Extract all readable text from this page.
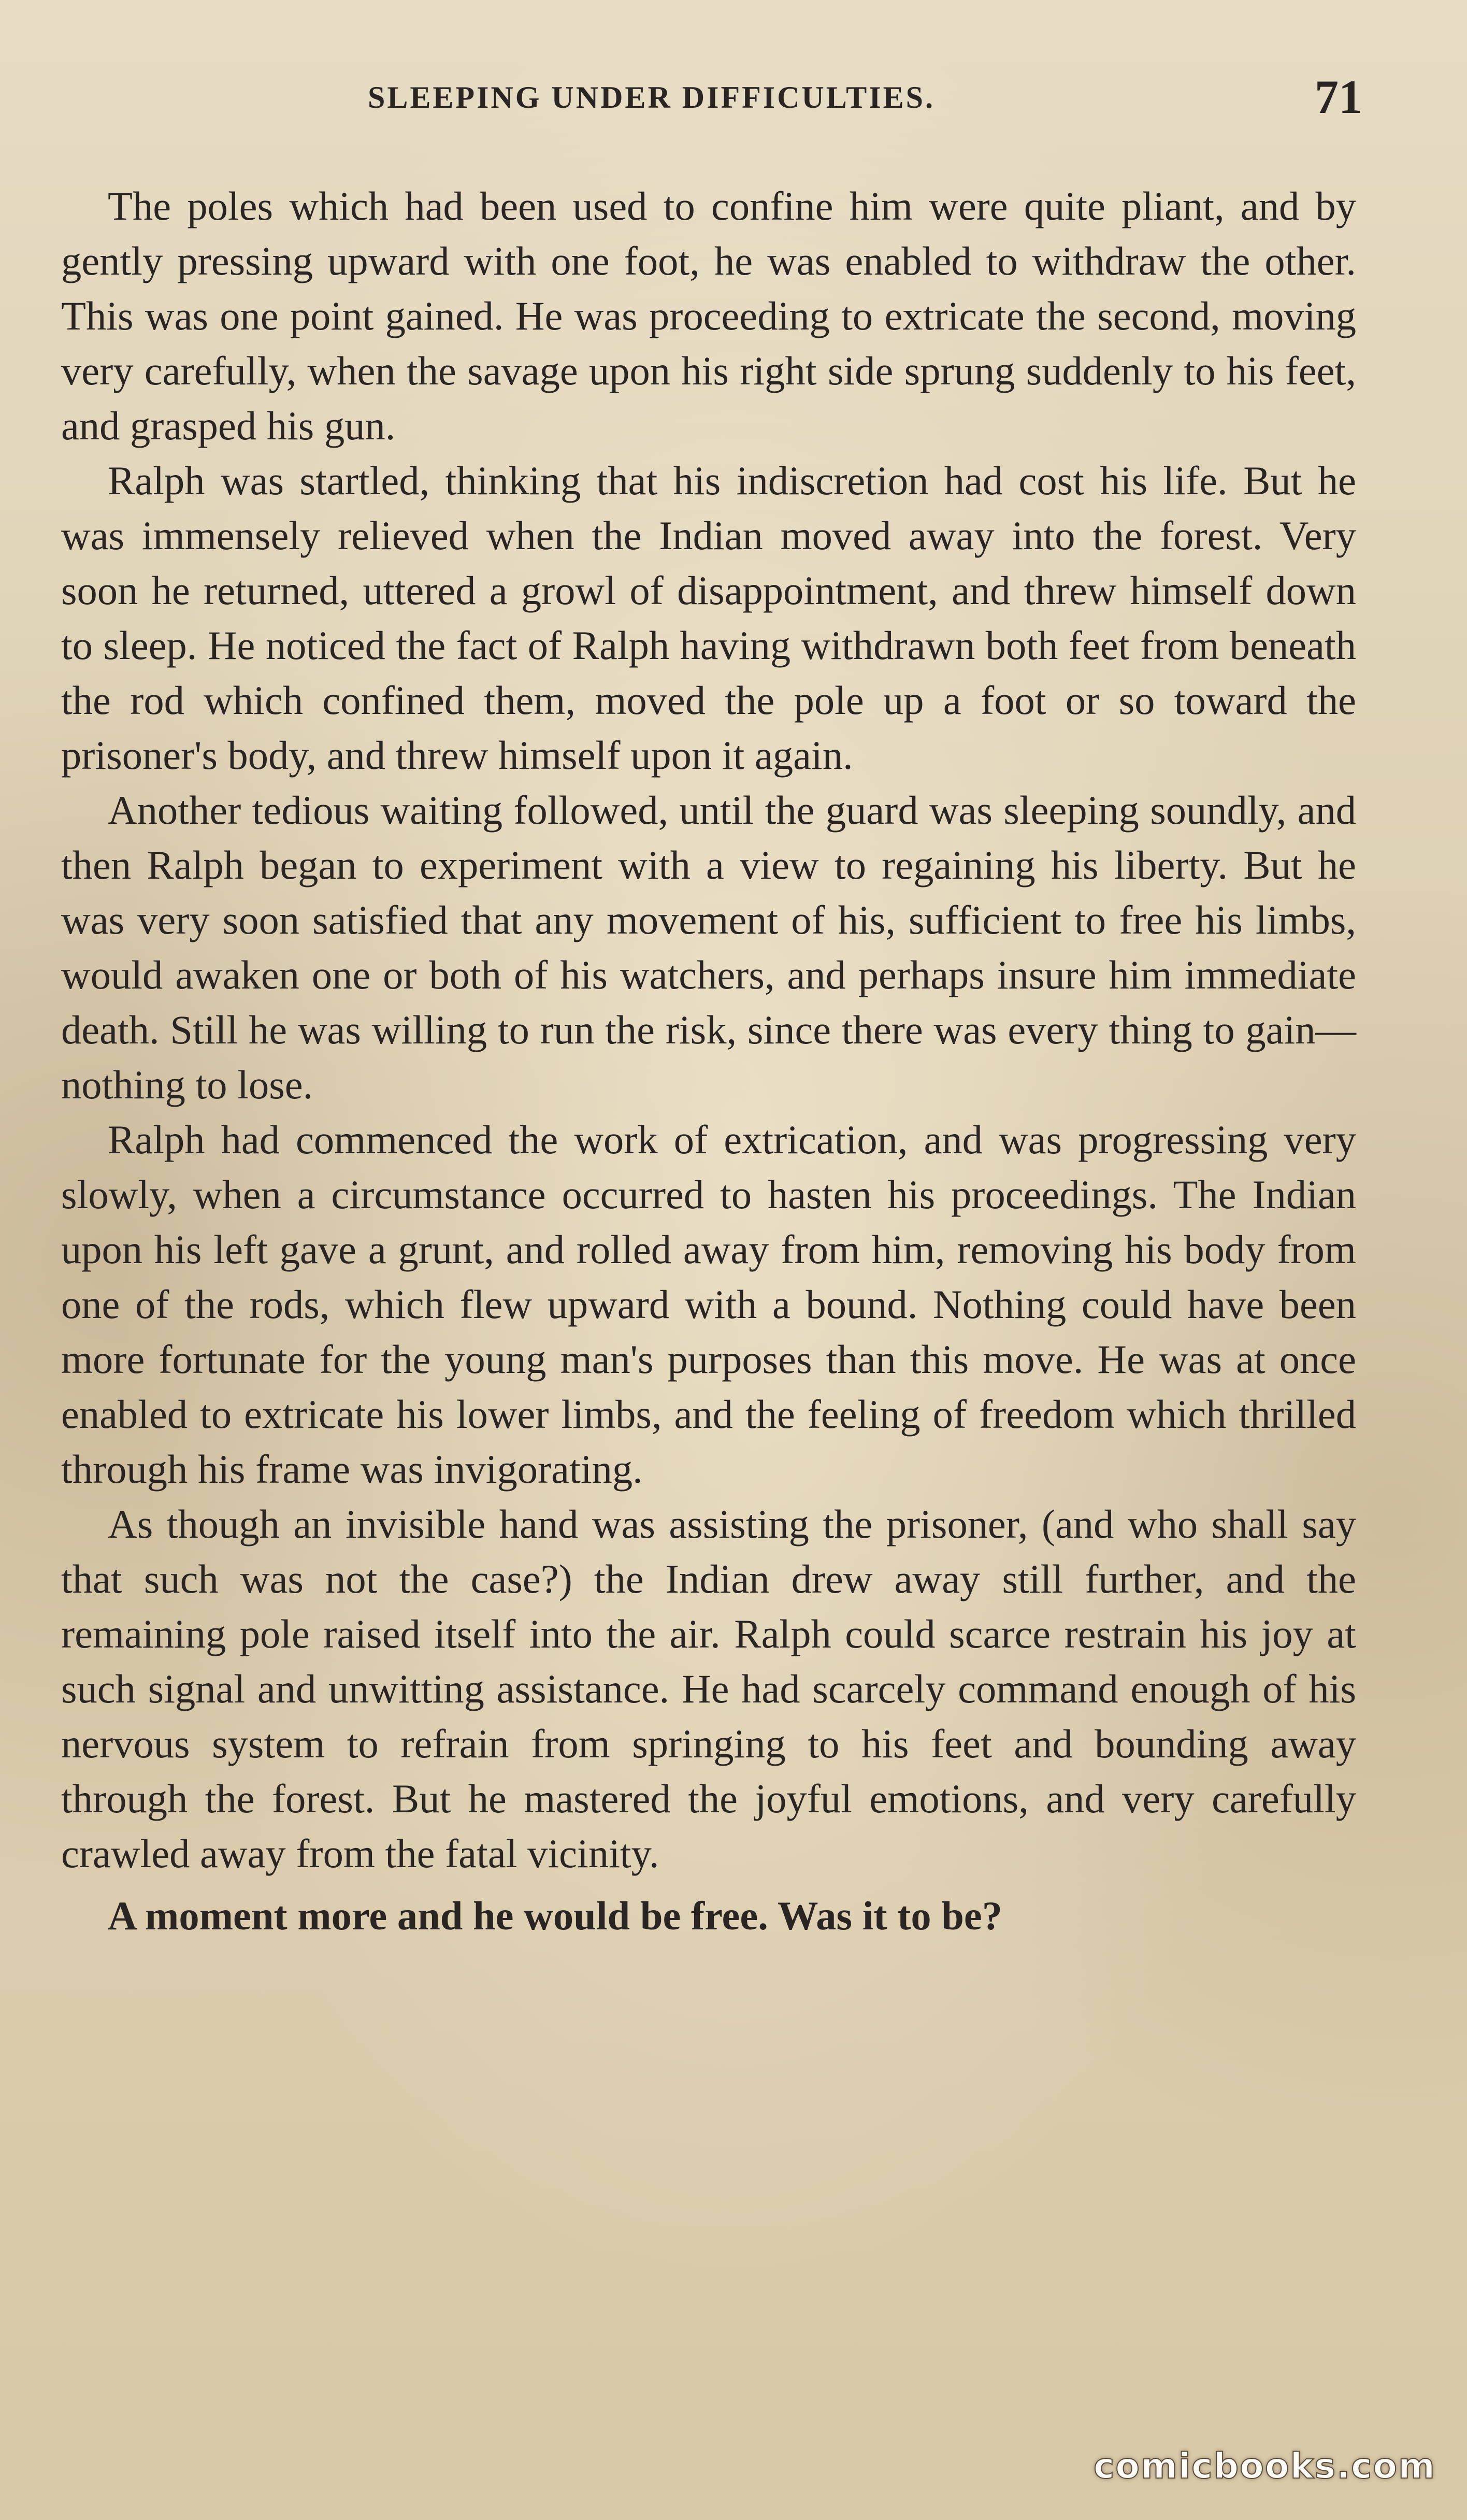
SLEEPING UNDER DIFFICULTIES.	71

The poles which had been used to confine him were quite pliant, and by gently pressing upward with one foot, he was enabled to withdraw the other. This was one point gained. He was proceeding to extricate the second, moving very carefully, when the savage upon his right side sprung suddenly to his feet, and grasped his gun.

Ralph was startled, thinking that his indiscretion had cost his life. But he was immensely relieved when the Indian moved away into the forest. Very soon he returned, uttered a growl of disappointment, and threw himself down to sleep. He noticed the fact of Ralph having withdrawn both feet from beneath the rod which confined them, moved the pole up a foot or so toward the prisoner's body, and threw himself upon it again.

Another tedious waiting followed, until the guard was sleeping soundly, and then Ralph began to experiment with a view to regaining his liberty. But he was very soon satisfied that any movement of his, sufficient to free his limbs, would awaken one or both of his watchers, and perhaps insure him immediate death. Still he was willing to run the risk, since there was every thing to gain—nothing to lose.

Ralph had commenced the work of extrication, and was progressing very slowly, when a circumstance occurred to hasten his proceedings. The Indian upon his left gave a grunt, and rolled away from him, removing his body from one of the rods, which flew upward with a bound. Nothing could have been more fortunate for the young man's purposes than this move. He was at once enabled to extricate his lower limbs, and the feeling of freedom which thrilled through his frame was invigorating.

As though an invisible hand was assisting the prisoner, (and who shall say that such was not the case?) the Indian drew away still further, and the remaining pole raised itself into the air. Ralph could scarce restrain his joy at such signal and unwitting assistance. He had scarcely command enough of his nervous system to refrain from springing to his feet and bounding away through the forest. But he mastered the joyful emotions, and very carefully crawled away from the fatal vicinity.

A moment more and he would be free. Was it to be?

comicbooks.com
